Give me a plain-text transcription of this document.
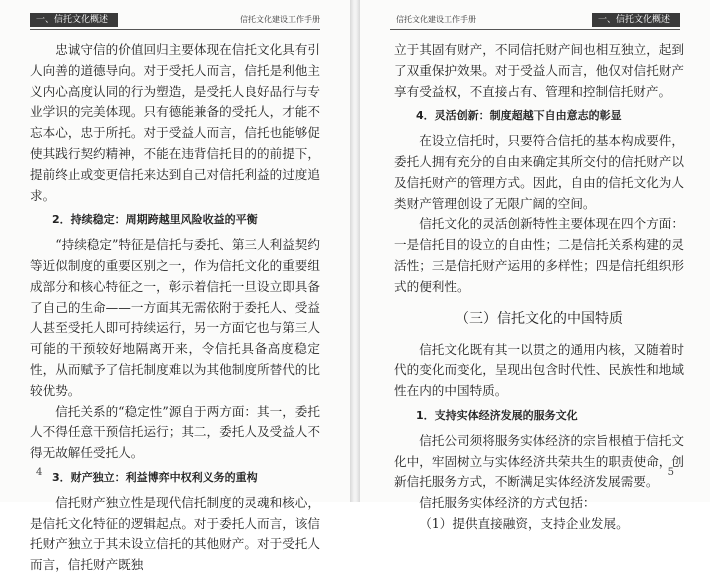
一、信托文化概述	信托文化建设工作手册

忠诚守信的价值回归主要体现在信托文化具有引人向善的道德导向。对于受托人而言，信托是利他主义内心高度认同的行为塑造，是受托人良好品行与专业学识的完美体现。只有德能兼备的受托人，才能不忘本心，忠于所托。对于受益人而言，信托也能够促使其践行契约精神，不能在违背信托目的的前提下，提前终止或变更信托来达到自己对信托利益的过度追求。

2．持续稳定：周期跨越里风险收益的平衡

“持续稳定”特征是信托与委托、第三人利益契约等近似制度的重要区别之一，作为信托文化的重要组成部分和核心特征之一，彰示着信托一旦设立即具备了自己的生命——一方面其无需依附于委托人、受益人甚至受托人即可持续运行，另一方面它也与第三人可能的干预较好地隔离开来，令信托具备高度稳定性，从而赋予了信托制度难以为其他制度所替代的比较优势。

信托关系的“稳定性”源自于两方面：其一，委托人不得任意干预信托运行；其二，委托人及受益人不得无故解任受托人。

3．财产独立：利益博弈中权利义务的重构

信托财产独立性是现代信托制度的灵魂和核心，是信托文化特征的逻辑起点。对于委托人而言，该信托财产独立于其未设立信托的其他财产。对于受托人而言，信托财产既独

4
信托文化建设工作手册	一、信托文化概述

立于其固有财产，不同信托财产间也相互独立，起到了双重保护效果。对于受益人而言，他仅对信托财产享有受益权，不直接占有、管理和控制信托财产。

4．灵活创新：制度超越下自由意志的彰显

在设立信托时，只要符合信托的基本构成要件，委托人拥有充分的自由来确定其所交付的信托财产以及信托财产的管理方式。因此，自由的信托文化为人类财产管理创设了无限广阔的空间。

信托文化的灵活创新特性主要体现在四个方面：一是信托目的设立的自由性；二是信托关系构建的灵活性；三是信托财产运用的多样性；四是信托组织形式的便利性。

（三）信托文化的中国特质

信托文化既有其一以贯之的通用内核，又随着时代的变化而变化，呈现出包含时代性、民族性和地域性在内的中国特质。

1．支持实体经济发展的服务文化

信托公司须将服务实体经济的宗旨根植于信托文化中，牢固树立与实体经济共荣共生的职责使命，创新信托服务方式，不断满足实体经济发展需要。

信托服务实体经济的方式包括：

（1）提供直接融资，支持企业发展。

5
